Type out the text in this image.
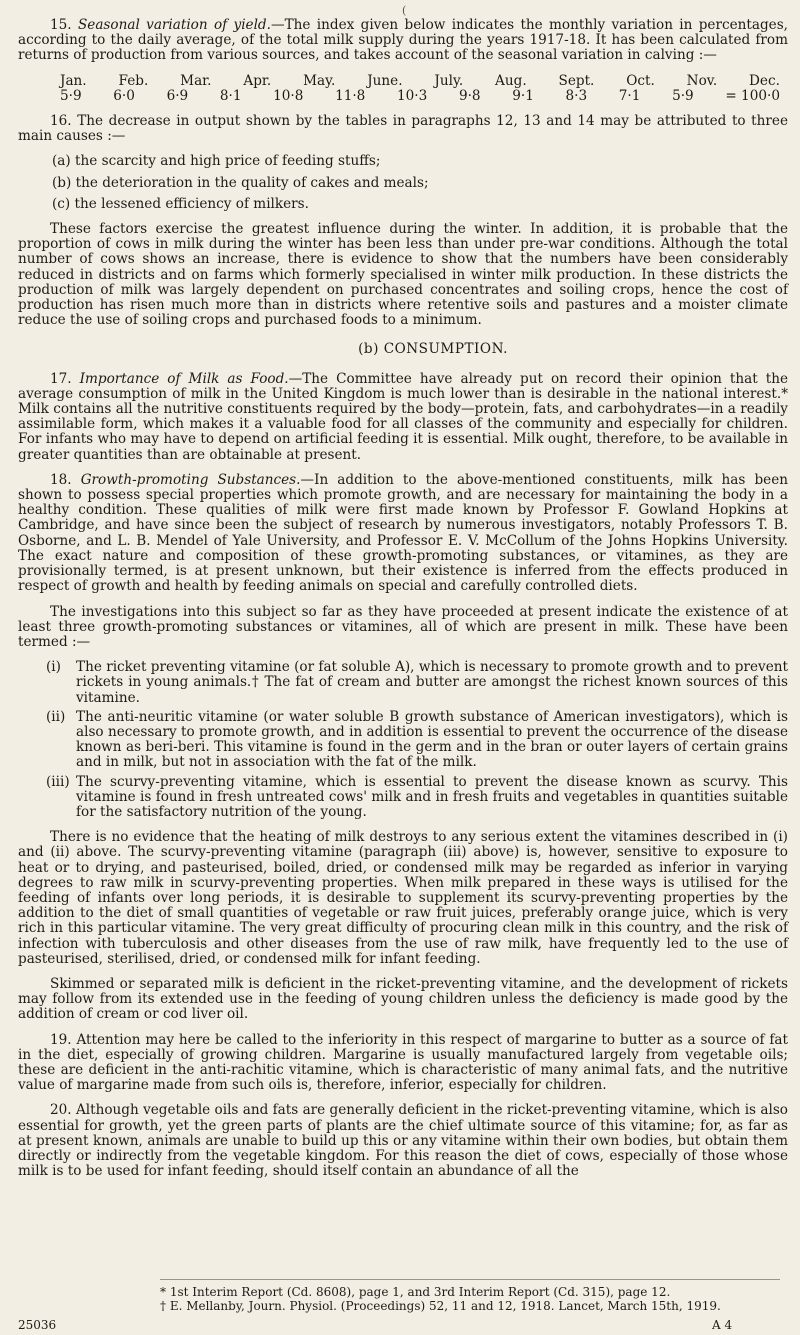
(

15. Seasonal variation of yield.—The index given below indicates the monthly variation in percentages, according to the daily average, of the total milk supply during the years 1917-18. It has been calculated from returns of production from various sources, and takes account of the seasonal variation in calving :—

Jan. Feb. Mar. Apr. May. June. July. Aug. Sept. Oct. Nov. Dec.
5·9 6·0 6·9 8·1 10·8 11·8 10·3 9·8 9·1 8·3 7·1 5·9 = 100·0

16. The decrease in output shown by the tables in paragraphs 12, 13 and 14 may be attributed to three main causes :—

(a) the scarcity and high price of feeding stuffs;
(b) the deterioration in the quality of cakes and meals;
(c) the lessened efficiency of milkers.

These factors exercise the greatest influence during the winter. In addition, it is probable that the proportion of cows in milk during the winter has been less than under pre-war conditions. Although the total number of cows shows an increase, there is evidence to show that the numbers have been considerably reduced in districts and on farms which formerly specialised in winter milk production. In these districts the production of milk was largely dependent on purchased concentrates and soiling crops, hence the cost of production has risen much more than in districts where retentive soils and pastures and a moister climate reduce the use of soiling crops and purchased foods to a minimum.

(b) CONSUMPTION.

17. Importance of Milk as Food.—The Committee have already put on record their opinion that the average consumption of milk in the United Kingdom is much lower than is desirable in the national interest.* Milk contains all the nutritive constituents required by the body—protein, fats, and carbohydrates—in a readily assimilable form, which makes it a valuable food for all classes of the community and especially for children. For infants who may have to depend on artificial feeding it is essential. Milk ought, therefore, to be available in greater quantities than are obtainable at present.

18. Growth-promoting Substances.—In addition to the above-mentioned constituents, milk has been shown to possess special properties which promote growth, and are necessary for maintaining the body in a healthy condition. These qualities of milk were first made known by Professor F. Gowland Hopkins at Cambridge, and have since been the subject of research by numerous investigators, notably Professors T. B. Osborne, and L. B. Mendel of Yale University, and Professor E. V. McCollum of the Johns Hopkins University. The exact nature and composition of these growth-promoting substances, or vitamines, as they are provisionally termed, is at present unknown, but their existence is inferred from the effects produced in respect of growth and health by feeding animals on special and carefully controlled diets.

The investigations into this subject so far as they have proceeded at present indicate the existence of at least three growth-promoting substances or vitamines, all of which are present in milk. These have been termed :—

(i)	The ricket preventing vitamine (or fat soluble A), which is necessary to promote growth and to prevent rickets in young animals.† The fat of cream and butter are amongst the richest known sources of this vitamine.
(ii) The anti-neuritic vitamine (or water soluble B growth substance of American investigators), which is also necessary to promote growth, and in addition is essential to prevent the occurrence of the disease known as beri-beri. This vitamine is found in the germ and in the bran or outer layers of certain grains and in milk, but not in association with the fat of the milk.
(iii) The scurvy-preventing vitamine, which is essential to prevent the disease known as scurvy. This vitamine is found in fresh untreated cows' milk and in fresh fruits and vegetables in quantities suitable for the satisfactory nutrition of the young.

There is no evidence that the heating of milk destroys to any serious extent the vitamines described in (i) and (ii) above. The scurvy-preventing vitamine (paragraph (iii) above) is, however, sensitive to exposure to heat or to drying, and pasteurised, boiled, dried, or condensed milk may be regarded as inferior in varying degrees to raw milk in scurvy-preventing properties. When milk prepared in these ways is utilised for the feeding of infants over long periods, it is desirable to supplement its scurvy-preventing properties by the addition to the diet of small quantities of vegetable or raw fruit juices, preferably orange juice, which is very rich in this particular vitamine. The very great difficulty of procuring clean milk in this country, and the risk of infection with tuberculosis and other diseases from the use of raw milk, have frequently led to the use of pasteurised, sterilised, dried, or condensed milk for infant feeding.

Skimmed or separated milk is deficient in the ricket-preventing vitamine, and the development of rickets may follow from its extended use in the feeding of young children unless the deficiency is made good by the addition of cream or cod liver oil.

19. Attention may here be called to the inferiority in this respect of margarine to butter as a source of fat in the diet, especially of growing children. Margarine is usually manufactured largely from vegetable oils; these are deficient in the anti-rachitic vitamine, which is characteristic of many animal fats, and the nutritive value of margarine made from such oils is, therefore, inferior, especially for children.

20. Although vegetable oils and fats are generally deficient in the ricket-preventing vitamine, which is also essential for growth, yet the green parts of plants are the chief ultimate source of this vitamine; for, as far as at present known, animals are unable to build up this or any vitamine within their own bodies, but obtain them directly or indirectly from the vegetable kingdom. For this reason the diet of cows, especially of those whose milk is to be used for infant feeding, should itself contain an abundance of all the

* 1st Interim Report (Cd. 8608), page 1, and 3rd Interim Report (Cd. 315), page 12.

† E. Mellanby, Journ. Physiol. (Proceedings) 52, 11 and 12, 1918. Lancet, March 15th, 1919.

25036	A 4
